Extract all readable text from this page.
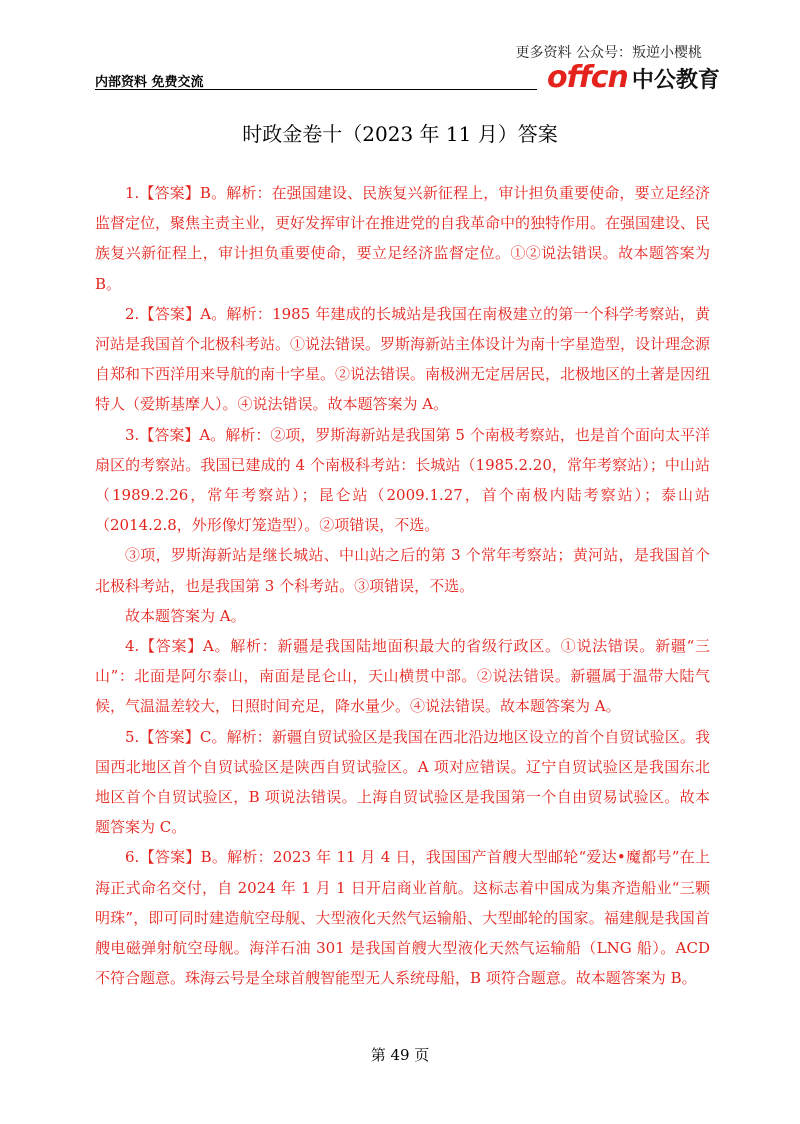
更多资料 公众号：叛逆小樱桃
内部资料 免费交流	offcn 中公教育
时政金卷十（2023 年 11 月）答案

1.【答案】B。解析：在强国建设、民族复兴新征程上，审计担负重要使命，要立足经济监督定位，聚焦主责主业，更好发挥审计在推进党的自我革命中的独特作用。在强国建设、民族复兴新征程上，审计担负重要使命，要立足经济监督定位。①②说法错误。故本题答案为 B。

2.【答案】A。解析：1985 年建成的长城站是我国在南极建立的第一个科学考察站，黄河站是我国首个北极科考站。①说法错误。罗斯海新站主体设计为南十字星造型，设计理念源自郑和下西洋用来导航的南十字星。②说法错误。南极洲无定居居民，北极地区的土著是因纽特人（爱斯基摩人）。④说法错误。故本题答案为 A。

3.【答案】A。解析：②项，罗斯海新站是我国第 5 个南极考察站，也是首个面向太平洋扇区的考察站。我国已建成的 4 个南极科考站：长城站（1985.2.20，常年考察站）；中山站（1989.2.26，常年考察站）；昆仑站（2009.1.27，首个南极内陆考察站）；泰山站（2014.2.8，外形像灯笼造型）。②项错误，不选。

③项，罗斯海新站是继长城站、中山站之后的第 3 个常年考察站；黄河站，是我国首个北极科考站，也是我国第 3 个科考站。③项错误，不选。

故本题答案为 A。

4.【答案】A。解析：新疆是我国陆地面积最大的省级行政区。①说法错误。新疆“三山”：北面是阿尔泰山，南面是昆仑山，天山横贯中部。②说法错误。新疆属于温带大陆气候，气温温差较大，日照时间充足，降水量少。④说法错误。故本题答案为 A。

5.【答案】C。解析：新疆自贸试验区是我国在西北沿边地区设立的首个自贸试验区。我国西北地区首个自贸试验区是陕西自贸试验区。A 项对应错误。辽宁自贸试验区是我国东北地区首个自贸试验区，B 项说法错误。上海自贸试验区是我国第一个自由贸易试验区。故本题答案为 C。

6.【答案】B。解析：2023 年 11 月 4 日，我国国产首艘大型邮轮“爱达•魔都号”在上海正式命名交付，自 2024 年 1 月 1 日开启商业首航。这标志着中国成为集齐造船业“三颗明珠”，即可同时建造航空母舰、大型液化天然气运输船、大型邮轮的国家。福建舰是我国首艘电磁弹射航空母舰。海洋石油 301 是我国首艘大型液化天然气运输船（LNG 船）。ACD 不符合题意。珠海云号是全球首艘智能型无人系统母船，B 项符合题意。故本题答案为 B。

第 49 页
